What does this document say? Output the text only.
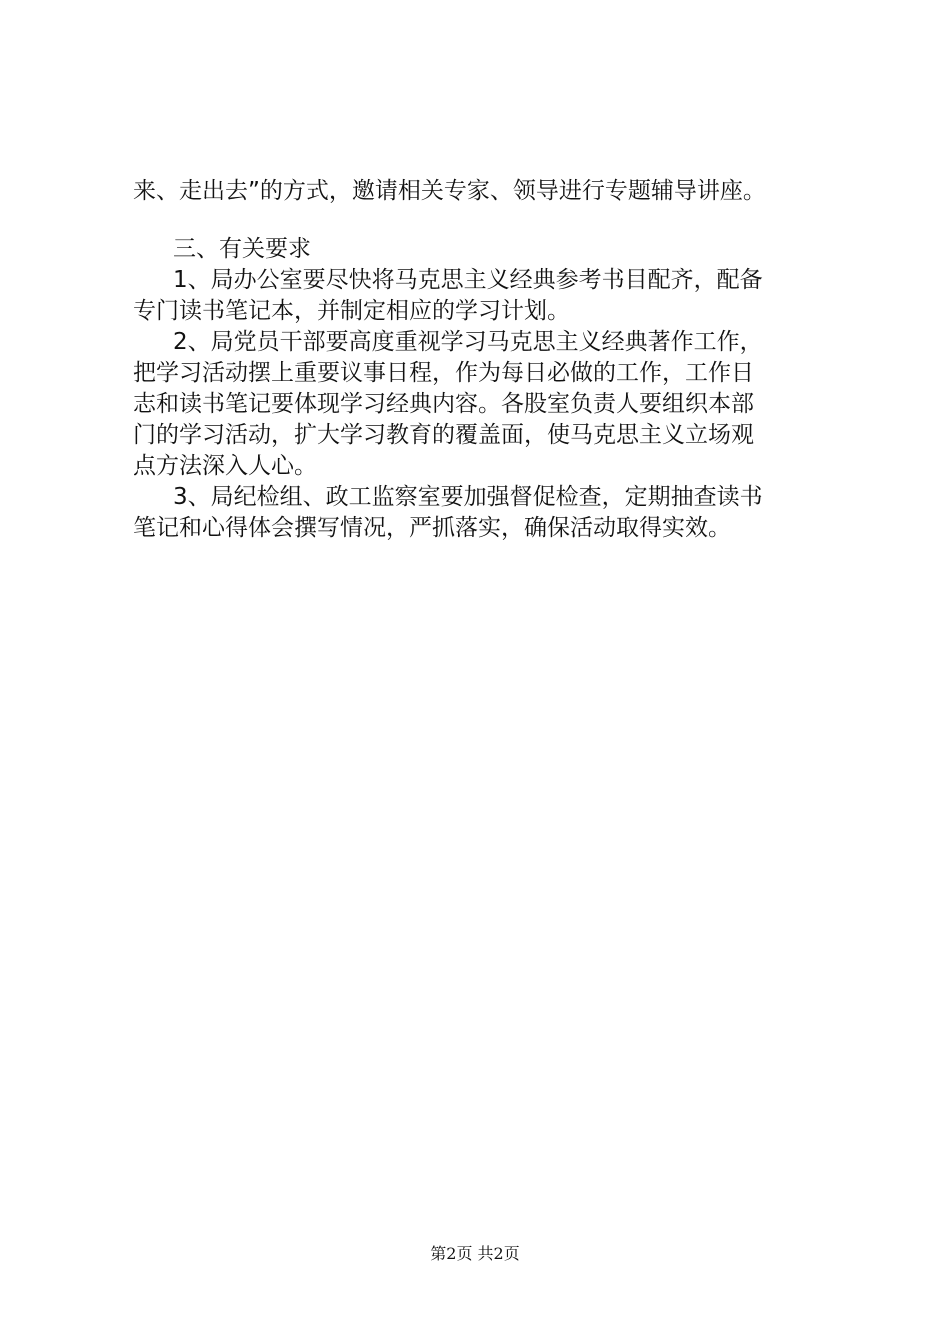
来、走出去”的方式，邀请相关专家、领导进行专题辅导讲座。
三、有关要求
1、局办公室要尽快将马克思主义经典参考书目配齐，配备
专门读书笔记本，并制定相应的学习计划。
2、局党员干部要高度重视学习马克思主义经典著作工作，
把学习活动摆上重要议事日程，作为每日必做的工作，工作日
志和读书笔记要体现学习经典内容。各股室负责人要组织本部
门的学习活动，扩大学习教育的覆盖面，使马克思主义立场观
点方法深入人心。
3、局纪检组、政工监察室要加强督促检查，定期抽查读书
笔记和心得体会撰写情况，严抓落实，确保活动取得实效。
第2页 共2页
